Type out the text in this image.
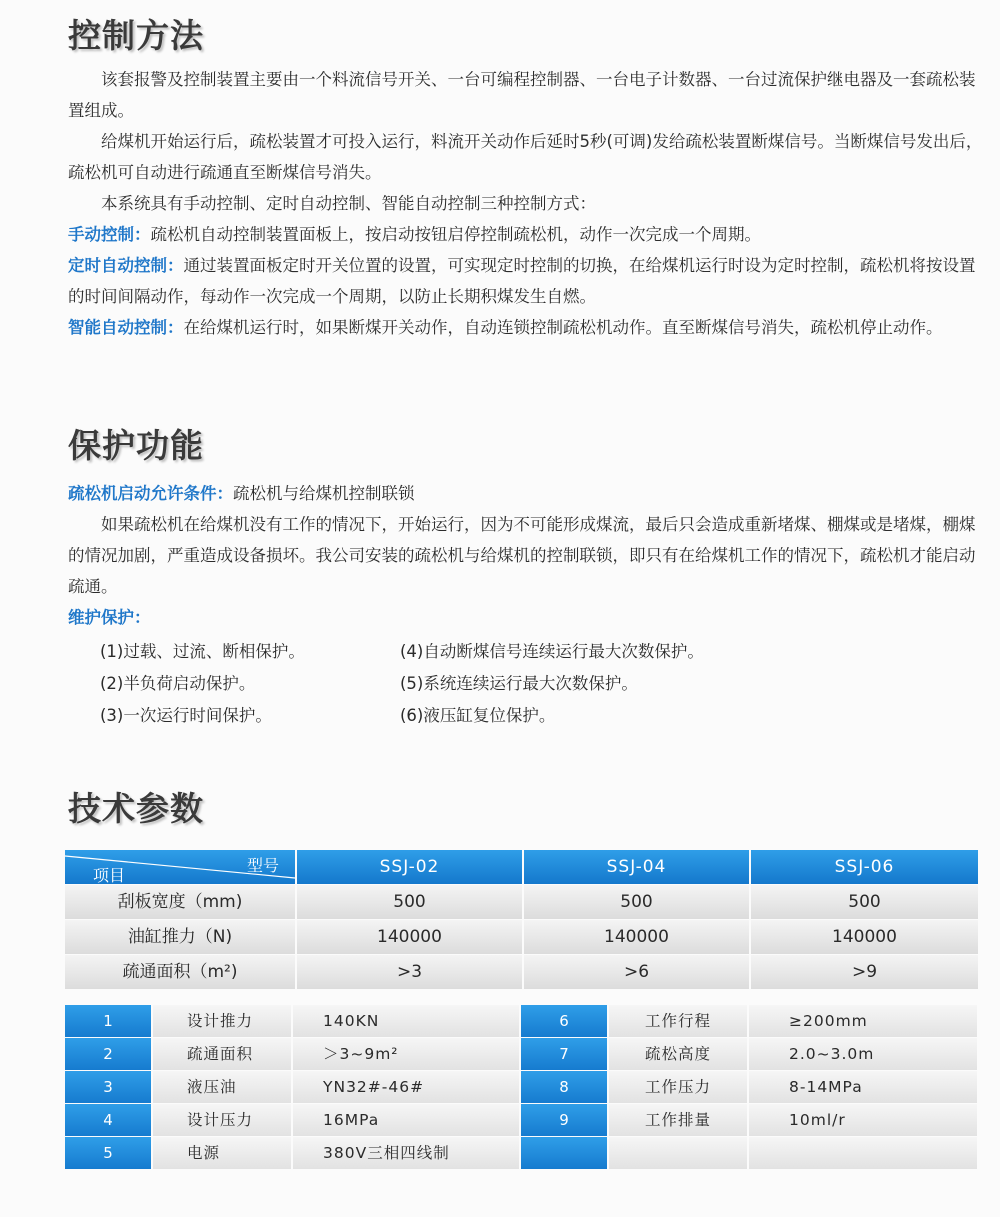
控制方法

该套报警及控制装置主要由一个料流信号开关、一台可编程控制器、一台电子计数器、一台过流保护继电器及一套疏松装置组成。

给煤机开始运行后，疏松装置才可投入运行，料流开关动作后延时5秒(可调)发给疏松装置断煤信号。当断煤信号发出后，疏松机可自动进行疏通直至断煤信号消失。

本系统具有手动控制、定时自动控制、智能自动控制三种控制方式：

手动控制：疏松机自动控制装置面板上，按启动按钮启停控制疏松机，动作一次完成一个周期。

定时自动控制：通过装置面板定时开关位置的设置，可实现定时控制的切换，在给煤机运行时设为定时控制，疏松机将按设置的时间间隔动作，每动作一次完成一个周期，以防止长期积煤发生自燃。

智能自动控制：在给煤机运行时，如果断煤开关动作，自动连锁控制疏松机动作。直至断煤信号消失，疏松机停止动作。

保护功能

疏松机启动允许条件：疏松机与给煤机控制联锁

如果疏松机在给煤机没有工作的情况下，开始运行，因为不可能形成煤流，最后只会造成重新堵煤、棚煤或是堵煤，棚煤的情况加剧，严重造成设备损坏。我公司安装的疏松机与给煤机的控制联锁，即只有在给煤机工作的情况下，疏松机才能启动疏通。

维护保护：

(1)过载、过流、断相保护。

(2)半负荷启动保护。

(3)一次运行时间保护。

(4)自动断煤信号连续运行最大次数保护。

(5)系统连续运行最大次数保护。

(6)液压缸复位保护。

技术参数
型号
项目	SSJ-02	SSJ-04	SSJ-06
刮板宽度（mm)	500	500	500
油缸推力（N)	140000	140000	140000
疏通面积（m²)	>3	>6	>9
1	设计推力	140KN	6	工作行程	≥200mm
2	疏通面积	＞3~9m²	7	疏松高度	2.0~3.0m
3	液压油	YN32#-46#	8	工作压力	8-14MPa
4	设计压力	16MPa	9	工作排量	10ml/r
5	电源	380V三相四线制
